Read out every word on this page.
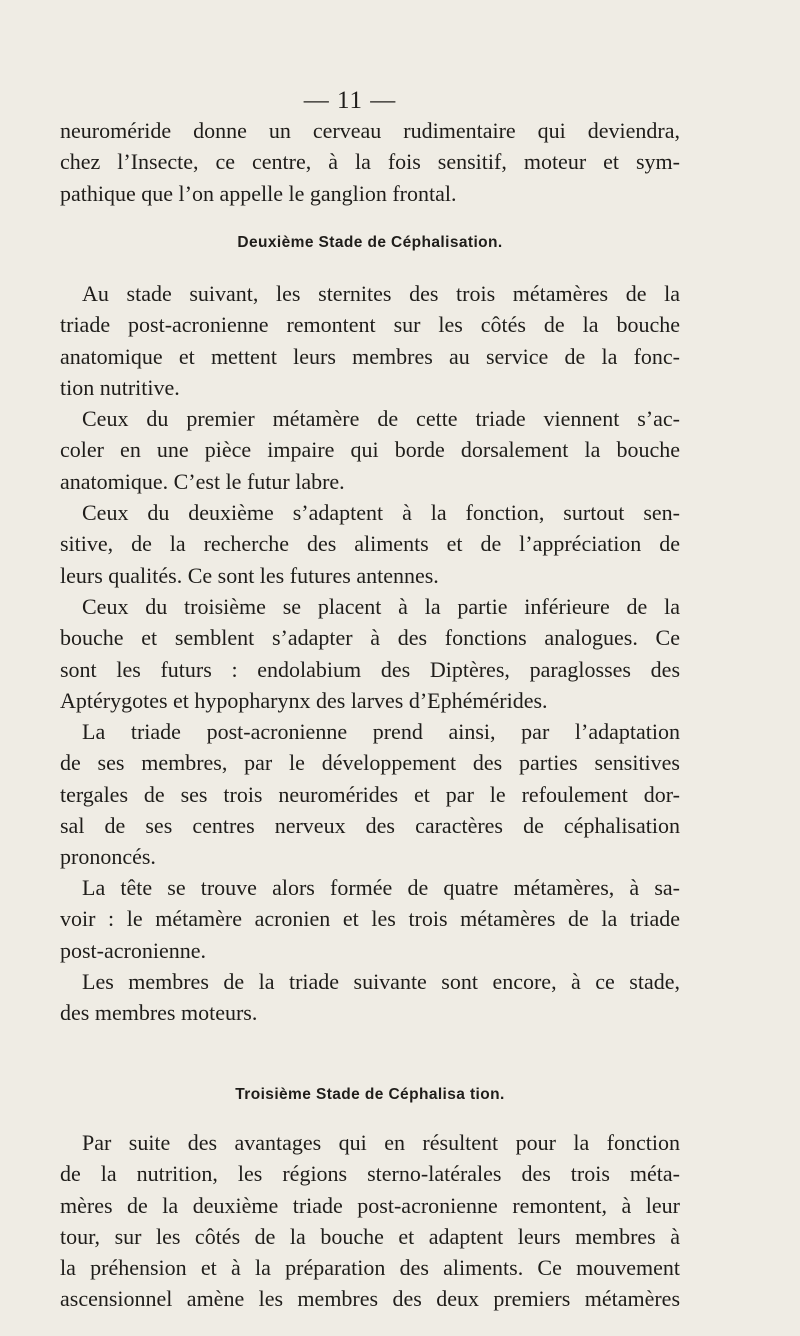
— 11 —
neuroméride donne un cerveau rudimentaire qui deviendra,
chez l’Insecte, ce centre, à la fois sensitif, moteur et sym-
pathique que l’on appelle le ganglion frontal.
Deuxième Stade de Céphalisation.
Au stade suivant, les sternites des trois métamères de la
triade post-acronienne remontent sur les côtés de la bouche
anatomique et mettent leurs membres au service de la fonc-
tion nutritive.
Ceux du premier métamère de cette triade viennent s’ac-
coler en une pièce impaire qui borde dorsalement la bouche
anatomique. C’est le futur labre.
Ceux du deuxième s’adaptent à la fonction, surtout sen-
sitive, de la recherche des aliments et de l’appréciation de
leurs qualités. Ce sont les futures antennes.
Ceux du troisième se placent à la partie inférieure de la
bouche et semblent s’adapter à des fonctions analogues. Ce
sont les futurs : endolabium des Diptères, paraglosses des
Aptérygotes et hypopharynx des larves d’Ephémérides.
La triade post-acronienne prend ainsi, par l’adaptation
de ses membres, par le développement des parties sensitives
tergales de ses trois neuromérides et par le refoulement dor-
sal de ses centres nerveux des caractères de céphalisation
prononcés.
La tête se trouve alors formée de quatre métamères, à sa-
voir : le métamère acronien et les trois métamères de la triade
post-acronienne.
Les membres de la triade suivante sont encore, à ce stade,
des membres moteurs.
Troisième Stade de Céphalisa tion.
Par suite des avantages qui en résultent pour la fonction
de la nutrition, les régions sterno-latérales des trois méta-
mères de la deuxième triade post-acronienne remontent, à leur
tour, sur les côtés de la bouche et adaptent leurs membres à
la préhension et à la préparation des aliments. Ce mouvement
ascensionnel amène les membres des deux premiers métamères
